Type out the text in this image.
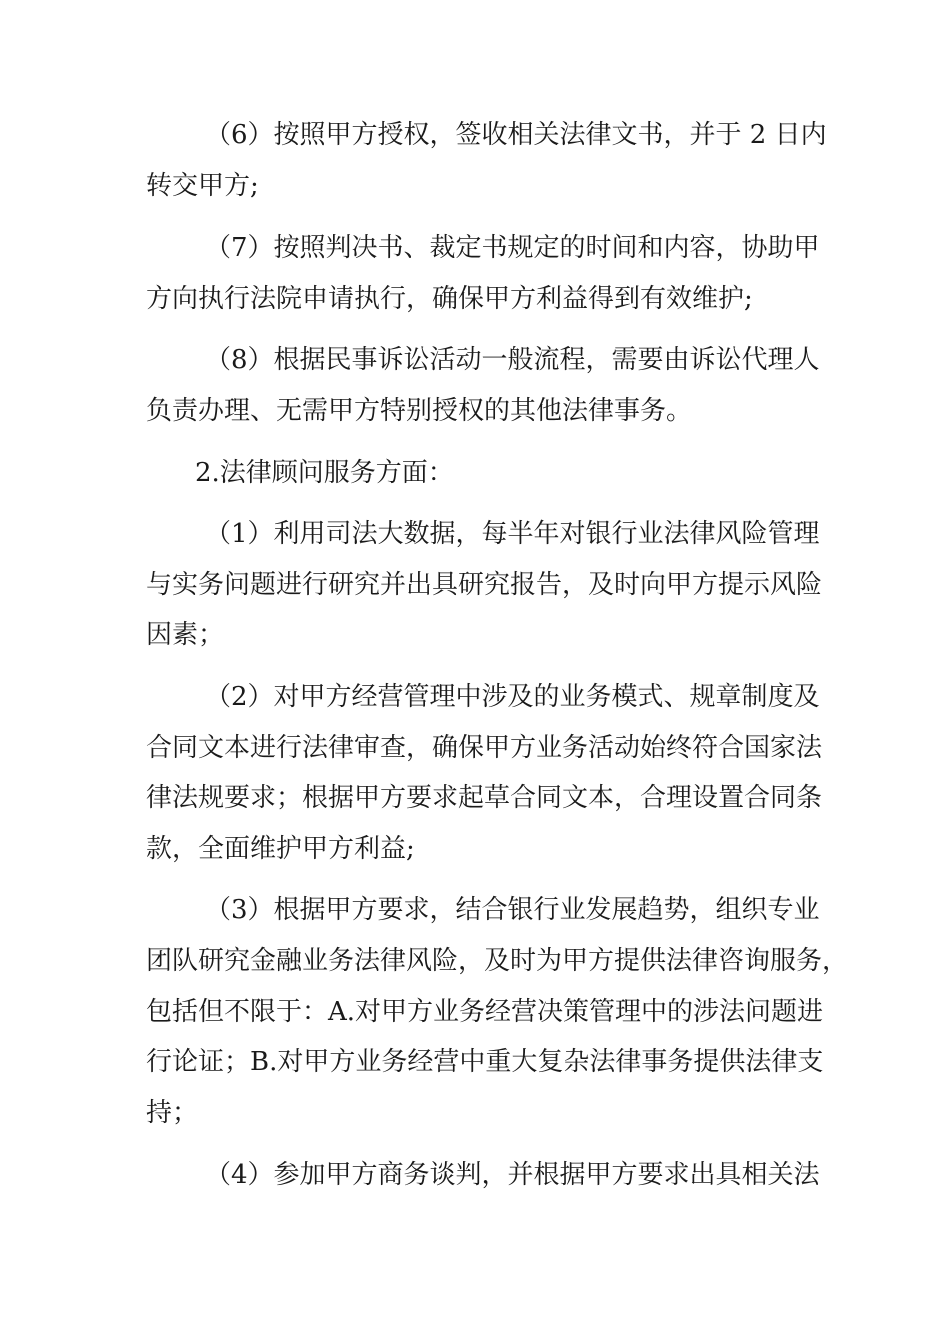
（6）按照甲方授权，签收相关法律文书，并于 2 日内
转交甲方;
（7）按照判决书、裁定书规定的时间和内容，协助甲
方向执行法院申请执行，确保甲方利益得到有效维护;
（8）根据民事诉讼活动一般流程，需要由诉讼代理人
负责办理、无需甲方特别授权的其他法律事务。
2.法律顾问服务方面：
（1）利用司法大数据，每半年对银行业法律风险管理
与实务问题进行研究并出具研究报告，及时向甲方提示风险
因素；
（2）对甲方经营管理中涉及的业务模式、规章制度及
合同文本进行法律审查，确保甲方业务活动始终符合国家法
律法规要求；根据甲方要求起草合同文本，合理设置合同条
款，全面维护甲方利益;
（3）根据甲方要求，结合银行业发展趋势，组织专业
团队研究金融业务法律风险，及时为甲方提供法律咨询服务，
包括但不限于：A.对甲方业务经营决策管理中的涉法问题进
行论证；B.对甲方业务经营中重大复杂法律事务提供法律支
持；
（4）参加甲方商务谈判，并根据甲方要求出具相关法
